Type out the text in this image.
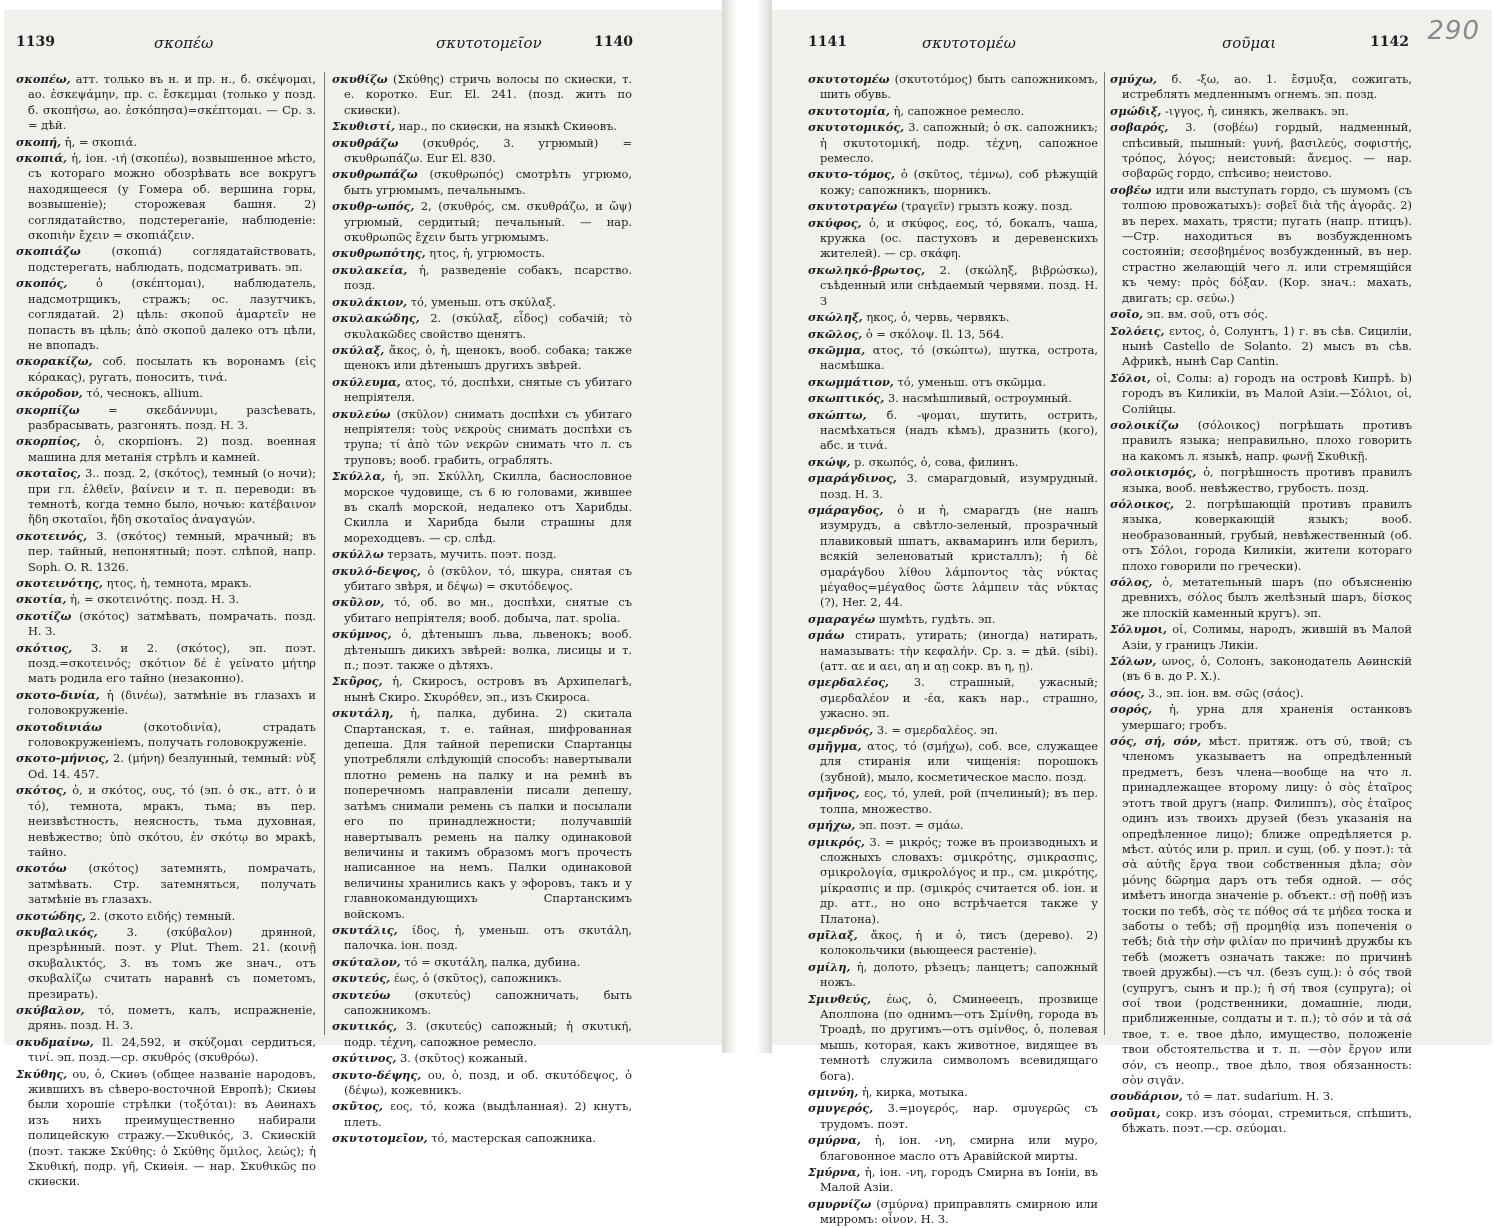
1139	σκοπέω	σκυτοτομεῖον	1140

σκοπέω, атт. только въ н. и пр. н., б. σκέψομαι, ао. ἐσκεψάμην, пр. с. ἔσκεμμαι (только у позд. б. σκοπήσω, ао. ἐσκόπησα)=σκέπτομαι. — Ср. з. = дѣй.

σκοπή, ἡ, = σκοπιά.

σκοπιά, ἡ, іон. -ιή (σκοπέω), возвышенное мѣсто, съ котораго можно обозрѣвать все вокругъ находящееся (у Гомера об. вершина горы, возвышеніе); сторожевая башня. 2) соглядатайство, подстереганіе, наблюденіе: σκοπιὴν ἔχειν = σκοπιάζειν.

σκοπιάζω	(σκοπιά) соглядатайствовать, подстерегать, наблюдать, подсматривать. эп.

σκοπός,	ὁ (σκέπτομαι), наблюдатель, надсмотрщикъ, стражъ; ос. лазутчикъ, соглядатай. 2) цѣль: σκοποῦ ἁμαρτεῖν не попасть въ цѣль; ἀπὸ σκοποῦ далеко отъ цѣли, не впопадъ.

σκορακίζω, соб. посылать къ воронамъ (εἰς κόρακας), ругать, поносить, τινά.

σκόροδον, τό, чеснокъ, allium.

σκορπίζω	= σκεδάννυμι, разсѣевать, разбрасывать, разгонять. позд. Н. З.

σκορπίος, ὁ, скорпіонъ. 2) позд. военная машина для метанія стрѣлъ и камней.

σκοταῖος, 3.. позд. 2, (σκότος), темный (о ночи); при гл. ἐλθεῖν, βαίνειν и т. п. переводи: въ темнотѣ, когда темно было, ночью: κατέβαινον ἤδη σκοταῖοι, ἤδη σκοταῖος ἀναγαγών.

σκοτεινός, 3. (σκότος) темный, мрачный; въ пер. тайный, непонятный; поэт. слѣпой, напр. Soph. O. R. 1326.

σκοτεινότης, ητος, ἡ, темнота, мракъ.

σκοτία, ἡ, = σκοτεινότης. позд. Н. З.

σκοτίζω (σκότος) затмѣвать, помрачать. позд. Н. З.

σκότιος, 3. и 2. (σκότος), эп. поэт. позд.=σκοτεινός; σκότιον δέ ἑ γείνατο μήτηρ мать родила его тайно (незаконно).

σκοτο-δινία, ἡ (δινέω), затмѣніе въ глазахъ и головокруженіе.

σκοτοδινιάω	(σκοτοδινία), страдать головокруженіемъ, получать головокруженіе.

σκοτο-μήνιος, 2. (μήνη) безлунный, темный: νὺξ Od. 14. 457.

σκότος, ὁ, и σκότος, ους, τό (эп. ὁ σκ., атт. ὁ и τό), темнота, мракъ, тьма; въ пер. неизвѣстность, неясность, тьма духовная, невѣжество; ὑπὸ σκότου, ἐν σκότῳ во мракѣ, тайно.

σκοτόω (σκότος) затемнять, помрачать, затмѣвать. Стр. затемняться, получать затмѣніе въ глазахъ.

σκοτώδης, 2. (σκοτο ειδής) темный.

σκυβαλικός,	3. (σκύβαλον) дрянной, презрѣнный. поэт. у Plut. Them. 21. (κοινῇ σκυβαλικτός, 3. въ томъ же знач., отъ σκυβαλίζω считать наравнѣ съ пометомъ, презирать).

σκύβαλον, τό, пометъ, калъ, испражненіе, дрянь. позд. Н. З.

σκυδμαίνω, Il. 24,592, и σκύζομαι сердиться, τινί. эп. позд.—ср. σκυθρός (σκυθρόω).

Σκύθης, ου, ὁ, Скиѳъ (общее названіе народовъ, жившихъ въ сѣверо-восточной Европѣ); Скиѳы были хорошіе стрѣлки (τοξόται): въ Аѳинахъ изъ нихъ преимущественно набирали полицейскую стражу.—Σκυθικός, 3. Скиѳскій (поэт. также Σκύθης: ὁ Σκύθης ὅμιλος, λεώς); ἡ Σκυθική, подр. γῆ, Скиѳія. — нар. Σκυθικῶς по скиѳски.

σκυθίζω (Σκύθης) стричь волосы по скиѳски, т. е. коротко. Eur. El. 241. (позд. жить по скиѳски).

Σκυθιστί, нар., по скиѳски, на языкѣ Скиѳовъ.

σκυθράζω (σκυθρός, 3. угрюмый) = σκυθρωπάζω. Eur El. 830.

σκυθρωπάζω (σκυθρωπός) смотрѣть угрюмо, быть угрюмымъ, печальнымъ.

σκυθρ-ωπός, 2, (σκυθρός, см. σκυθράζω, и ὤψ) угрюмый, сердитый; печальный. — нар. σκυθρωπῶς ἔχειν быть угрюмымъ.

σκυθρωπότης, ητος, ἡ, угрюмость.

σκυλακεία, ἡ, разведеніе собакъ, псарство. позд.

σκυλάκιον, τό, уменьш. отъ σκύλαξ.

σκυλακώδης, 2. (σκύλαξ, εἶδος) собачій; τὸ σκυλακῶδες свойство щенятъ.

σκύλαξ, ἄκος, ὁ, ἡ, щенокъ, вооб. собака; также щенокъ или дѣтенышъ другихъ звѣрей.

σκύλευμα, ατος, τό, доспѣхи, снятые съ убитаго непріятеля.

σκυλεύω (σκῦλον) снимать доспѣхи съ убитаго непріятеля: τοὺς νεκροὺς снимать доспѣхи съ трупа; τί ἀπὸ τῶν νεκρῶν снимать что л. съ труповъ; вооб. грабить, ограблять.

Σκύλλα, ἡ, эп. Σκύλλη, Скилла, баснословное морское чудовище, съ 6 ю головами, жившее въ скалѣ морской, недалеко отъ Харибды. Скилла и Харибда были страшны для мореходцевъ. — ср. слѣд.

σκύλλω терзать, мучить. поэт. позд.

σκυλό-δεψος, ὁ (σκῦλον, τό, шкура, снятая съ убитаго звѣря, и δέψω) = σκυτόδεψος.

σκῦλον, τό, об. во мн., доспѣхи, снятые съ убитаго непріятеля; вооб. добыча, лат. spolia.

σκύμνος, ὁ, дѣтенышъ льва, львенокъ; вооб. дѣтенышъ дикихъ звѣрей: волка, лисицы и т. п.; поэт. также о дѣтяхъ.

Σκῦρος, ἡ, Скиросъ, островъ въ Архипелагѣ, нынѣ Скиро. Σκυρόθεν, эп., изъ Скироса.

σκυτάλη, ἡ, палка, дубина. 2) скитала Спартанская, т. е. тайная, шифрованная депеша. Для тайной переписки Спартанцы употребляли слѣдующій способъ: навертывали плотно ремень на палку и на ремнѣ въ поперечномъ направленіи писали депешу, затѣмъ снимали ремень съ палки и посылали его по принадлежности; получавшій навертывалъ ремень на палку одинаковой величины и такимъ образомъ могъ прочесть написанное на немъ. Палки одинаковой величины хранились какъ у эфоровъ, такъ и у главнокомандующихъ Спартанскимъ войскомъ.

σκυτάλις, ίδος, ἡ, уменьш. отъ σκυτάλη, палочка. іон. позд.

σκύταλον, τό = σκυτάλη, палка, дубина.

σκυτεύς, έως, ὁ (σκῦτος), сапожникъ.

σκυτεύω (σκυτεύς) сапожничать, быть сапожникомъ.

σκυτικός, 3. (σκυτεύς) сапожный; ἡ σκυτική, подр. τέχνη, сапожное ремесло.

σκύτινος, 3. (σκῦτος) кожаный.

σκυτο-δέψης, ου, ὁ, позд, и об. σκυτόδεψος, ὁ (δέψω), кожевникъ.

σκῦτος, εος, τό, кожа (выдѣланная). 2) кнутъ, плеть.

σκυτοτομεῖον, τό, мастерская сапожника.

1141	σκυτοτομέω	σοῦμαι	1142 290

σκυτοτομέω (σκυτοτόμος) быть сапожникомъ, шить обувь.

σκυτοτομία, ἡ, сапожное ремесло.

σκυτοτομικός, 3. сапожный; ὁ σκ. сапожникъ; ἡ σκυτοτομική, подр. τέχνη, сапожное ремесло.

σκυτο-τόμος, ὁ (σκῦτος, τέμνω), соб рѣжущій кожу; сапожникъ, шорникъ.

σκυτοτραγέω (τραγεῖν) грызть кожу. позд.

σκύφος, ὁ, и σκύφος, εος, τό, бокалъ, чаша, кружка (ос. пастуховъ и деревенскихъ жителей). — ср. σκάφη.

σκωληκό-βρωτος, 2. (σκώληξ, βιβρώσκω), съѣденный или снѣдаемый червями. позд. Н. З

σκώληξ, ηκος, ὁ, червь, червякъ.

σκῶλος, ὁ = σκόλοψ. Il. 13, 564.

σκῶμμα, ατος, τό (σκώπτω), шутка, острота, насмѣшка.

σκωμμάτιον, τό, уменьш. отъ σκῶμμα.

σκωπτικός, 3. насмѣшливый, остроумный.

σκώπτω, б. -ψομαι, шутить, острить, насмѣхаться (надъ кѣмъ), дразнить (кого), абс. и τινά.

σκώψ, р. σκωπός, ὁ, сова, филинъ.

σμαράγδινος, 3. смарагдовый, изумрудный. позд. Н. З.

σμάραγδος, ὁ и ἡ, смарагдъ (не нашъ изумрудъ, а свѣтло-зеленый, прозрачный плавиковый шпатъ, аквамаринъ или берилъ, всякій зеленоватый кристаллъ); ἡ δὲ σμαράγδου λίθου λάμποντος τὰς νύκτας μέγαθος=μέγαθος ὥστε λάμπειν τὰς νύκτας (?), Her. 2, 44.

σμαραγέω шумѣть, гудѣть. эп.

σμάω стирать, утирать; (иногда) натирать, намазывать: τὴν κεφαλήν. Ср. з. = дѣй. (sibi). (атт. αε и αει, αη и αῃ сокр. въ η, ῃ).

σμερδαλέος, 3. страшный, ужасный; σμερδαλέον и -έα, какъ нар., страшно, ужасно. эп.

σμερδνός, 3. = σμερδαλέος. эп.

σμῆγμα, ατος, τό (σμήχω), соб. все, служащее для стиранія или чищенія: порошокъ (зубной), мыло, косметическое масло. позд.

σμῆνος, εος, τό, улей, рой (пчелиный); въ пер. толпа, множество.

σμήχω, эп. поэт. = σμάω.

σμικρός, 3. = μικρός; тоже въ производныхъ и сложныхъ словахъ: σμικρότης, σμικρασπις, σμικρολογία, σμικρολόγος и пр., см. μικρότης, μίκρασπις и пр. (σμικρός считается об. іон. и др. атт., но оно встрѣчается также у Платона).

σμῖλαξ, ἄκος, ἡ и ὁ, тисъ (дерево). 2) колокольчики (вьющееся растеніе).

σμίλη, ἡ, долото, рѣзецъ; ланцетъ; сапожный ножъ.

Σμινθεύς, έως, ὁ, Сминѳеецъ, прозвище Аполлона (по однимъ—отъ Σμίνθη, города въ Троадѣ, по другимъ—отъ σμίνθος, ὁ, полевая мышь, которая, какъ животное, видящее въ темнотѣ служила символомъ всевидящаго бога).

σμινύη, ἡ, кирка, мотыка.

σμυγερός, 3.=μογερός, нар. σμυγερῶς съ трудомъ. поэт.

σμύρνα, ἡ, іон. -νη, смирна или муро, благовонное масло отъ Аравійской мирты.

Σμύρνα, ἡ, іон. -νη, городъ Смирна въ Іоніи, въ Малой Азіи.

σμυρνίζω (σμύρνα) приправлять смирною или мирромъ: οἶνον. Н. З.

σμύχω, б. -ξω, ао. 1. ἔσμυξα, сожигать, истреблять медленнымъ огнемъ. эп. позд.

σμώδιξ, -ιγγος, ἡ, синякъ, желвакъ. эп.

σοβαρός, 3. (σοβέω) гордый, надменный, спѣсивый, пышный: γυνή, βασιλεύς, σοφιστής, τρόπος, λόγος; неистовый: ἄνεμος. — нар. σοβαρῶς гордо, спѣсиво; неистово.

σοβέω идти или выступать гордо, съ шумомъ (съ толпою провожатыхъ): σοβεῖ διὰ τῆς ἀγορᾶς. 2) въ перех. махать, трясти; пугать (напр. птицъ).—Стр. находиться въ возбужденномъ состояніи; σεσοβημένος возбужденный, въ нер. страстно желающій чего л. или стремящійся къ чему: πρὸς δόξαν. (Кор. знач.: махать, двигать; ср. σεύω.)

σοῖο, эп. вм. σοῦ, отъ σός.

Σολόεις, εντος, ὁ, Солунтъ, 1) г. въ сѣв. Сициліи, нынѣ Castello de Solanto. 2) мысъ въ сѣв. Африкѣ, нынѣ Cap Cantin.

Σόλοι, οἱ, Солы: а) городъ на островѣ Кипрѣ. b) городъ въ Киликіи, въ Малой Азіи.—Σόλιοι, οἱ, Солійцы.

σολοικίζω (σόλοικος) погрѣшать противъ правилъ языка; неправильно, плохо говорить на какомъ л. языкѣ, напр. φωνῇ Σκυθικῇ.

σολοικισμός, ὁ, погрѣшность противъ правилъ языка, вооб. невѣжество, грубость. позд.

σόλοικος, 2. погрѣшающій противъ правилъ языка, коверкающій языкъ; вооб. необразованный, грубый, невѣжественный (об. отъ Σόλοι, города Киликіи, жители котораго плохо говорили по гречески).

σόλος, ὁ, метательный шаръ (по объясненію древнихъ, σόλος былъ желѣзный шаръ, δίσκος же плоскій каменный кругъ). эп.

Σόλυμοι, οἱ, Солимы, народъ, жившій въ Малой Азіи, у границъ Ликіи.

Σόλων, ωνος, ὁ, Солонъ, законодатель Аѳинскій (въ 6 в. до Р. Х.).

σόος, 3., эп. іон. вм. σῶς (σάος).

σορός, ἡ, урна для храненія останковъ умершаго; гробъ.

σός, σή, σόν, мѣст. притяж. отъ σύ, твой; съ членомъ указываетъ на опредѣленный предметъ, безъ члена—вообще на что л. принадлежащее второму лицу: ὁ σὸς ἑταῖρος этотъ твой другъ (напр. Филиппъ), σὸς ἑταῖρος одинъ изъ твоихъ друзей (безъ указанія на опредѣленное лицо); ближе опредѣляется р. мѣст. αὐτός или р. прил. и сущ. (об. у поэт.): τὰ σὰ αὐτῆς ἔργα твои собственныя дѣла; σὸν μόνης δῶρημα даръ отъ тебя одной. — σός имѣетъ иногда значеніе р. объект.: σῇ ποθῇ изъ тоски по тебѣ, σὸς τε πόθος σά τε μήδεα тоска и заботы о тебѣ; σῇ προμηθίᾳ изъ попеченія о тебѣ; διὰ τὴν σὴν φιλίαν по причинѣ дружбы къ тебѣ (можетъ означать также: по причинѣ твоей дружбы).—съ чл. (безъ сущ.): ὁ σός твой (супругъ, сынъ и пр.); ἡ σή твоя (супруга); οἱ σοί твои (родственники, домашніе, люди, приближенные, солдаты и т. п.); τὸ σόν и τὰ σά твое, т. е. твое дѣло, имущество, положеніе твои обстоятельства и т. п. —σὸν ἔργον или σόν, съ неопр., твое дѣло, твоя обязанность: σὸν σιγᾶν.

σουδάριον, τό = лат. sudarium. Н. З.

σοῦμαι, сокр. изъ σόομαι, стремиться, спѣшить, бѣжать. поэт.—ср. σεύομαι.
